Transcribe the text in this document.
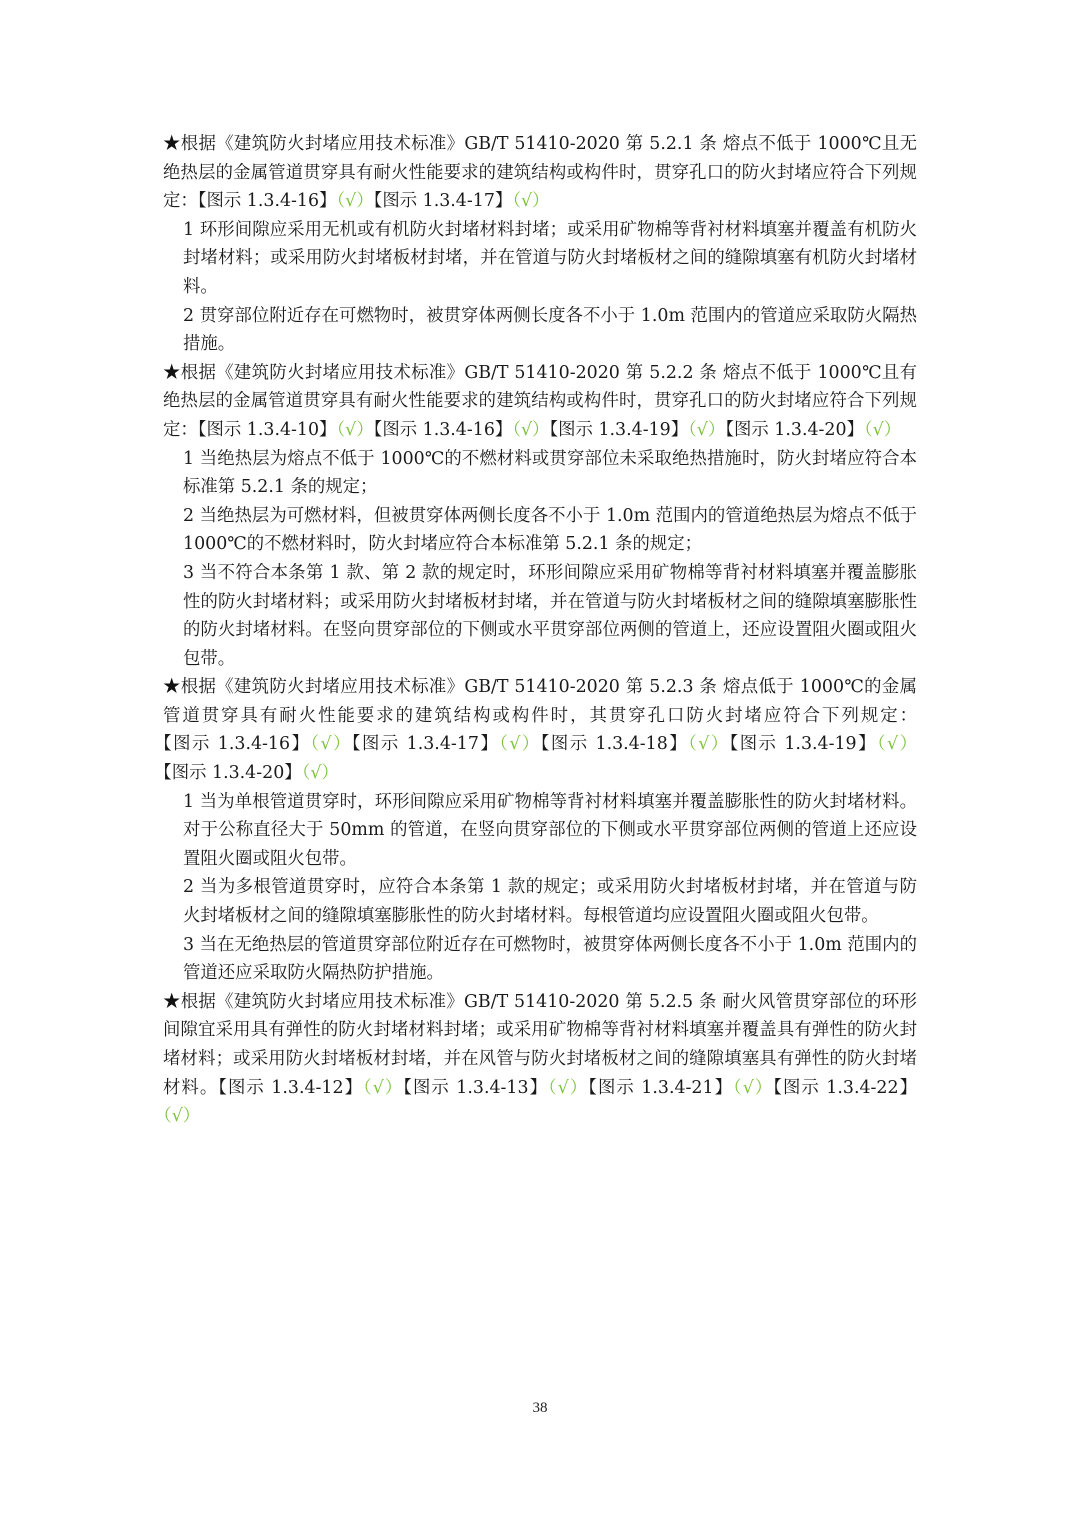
★根据《建筑防火封堵应用技术标准》GB/T 51410-2020 第 5.2.1 条 熔点不低于 1000℃且无绝热层的金属管道贯穿具有耐火性能要求的建筑结构或构件时，贯穿孔口的防火封堵应符合下列规定：【图示 1.3.4-16】（√）【图示 1.3.4-17】（√）

1 环形间隙应采用无机或有机防火封堵材料封堵；或采用矿物棉等背衬材料填塞并覆盖有机防火封堵材料；或采用防火封堵板材封堵，并在管道与防火封堵板材之间的缝隙填塞有机防火封堵材料。

2 贯穿部位附近存在可燃物时，被贯穿体两侧长度各不小于 1.0m 范围内的管道应采取防火隔热措施。

★根据《建筑防火封堵应用技术标准》GB/T 51410-2020 第 5.2.2 条 熔点不低于 1000℃且有绝热层的金属管道贯穿具有耐火性能要求的建筑结构或构件时，贯穿孔口的防火封堵应符合下列规定：【图示 1.3.4-10】（√）【图示 1.3.4-16】（√）【图示 1.3.4-19】（√）【图示 1.3.4-20】（√）

1 当绝热层为熔点不低于 1000℃的不燃材料或贯穿部位未采取绝热措施时，防火封堵应符合本标准第 5.2.1 条的规定；

2 当绝热层为可燃材料，但被贯穿体两侧长度各不小于 1.0m 范围内的管道绝热层为熔点不低于 1000℃的不燃材料时，防火封堵应符合本标准第 5.2.1 条的规定；

3 当不符合本条第 1 款、第 2 款的规定时，环形间隙应采用矿物棉等背衬材料填塞并覆盖膨胀性的防火封堵材料；或采用防火封堵板材封堵，并在管道与防火封堵板材之间的缝隙填塞膨胀性的防火封堵材料。在竖向贯穿部位的下侧或水平贯穿部位两侧的管道上，还应设置阻火圈或阻火包带。

★根据《建筑防火封堵应用技术标准》GB/T 51410-2020 第 5.2.3 条 熔点低于 1000℃的金属管道贯穿具有耐火性能要求的建筑结构或构件时，其贯穿孔口防火封堵应符合下列规定：【图示 1.3.4-16】（√）【图示 1.3.4-17】（√）【图示 1.3.4-18】（√）【图示 1.3.4-19】（√）【图示 1.3.4-20】（√）

1 当为单根管道贯穿时，环形间隙应采用矿物棉等背衬材料填塞并覆盖膨胀性的防火封堵材料。对于公称直径大于 50mm 的管道，在竖向贯穿部位的下侧或水平贯穿部位两侧的管道上还应设置阻火圈或阻火包带。

2 当为多根管道贯穿时，应符合本条第 1 款的规定；或采用防火封堵板材封堵，并在管道与防火封堵板材之间的缝隙填塞膨胀性的防火封堵材料。每根管道均应设置阻火圈或阻火包带。

3 当在无绝热层的管道贯穿部位附近存在可燃物时，被贯穿体两侧长度各不小于 1.0m 范围内的管道还应采取防火隔热防护措施。

★根据《建筑防火封堵应用技术标准》GB/T 51410-2020 第 5.2.5 条 耐火风管贯穿部位的环形间隙宜采用具有弹性的防火封堵材料封堵；或采用矿物棉等背衬材料填塞并覆盖具有弹性的防火封堵材料；或采用防火封堵板材封堵，并在风管与防火封堵板材之间的缝隙填塞具有弹性的防火封堵材料。【图示 1.3.4-12】（√）【图示 1.3.4-13】（√）【图示 1.3.4-21】（√）【图示 1.3.4-22】（√）

38
